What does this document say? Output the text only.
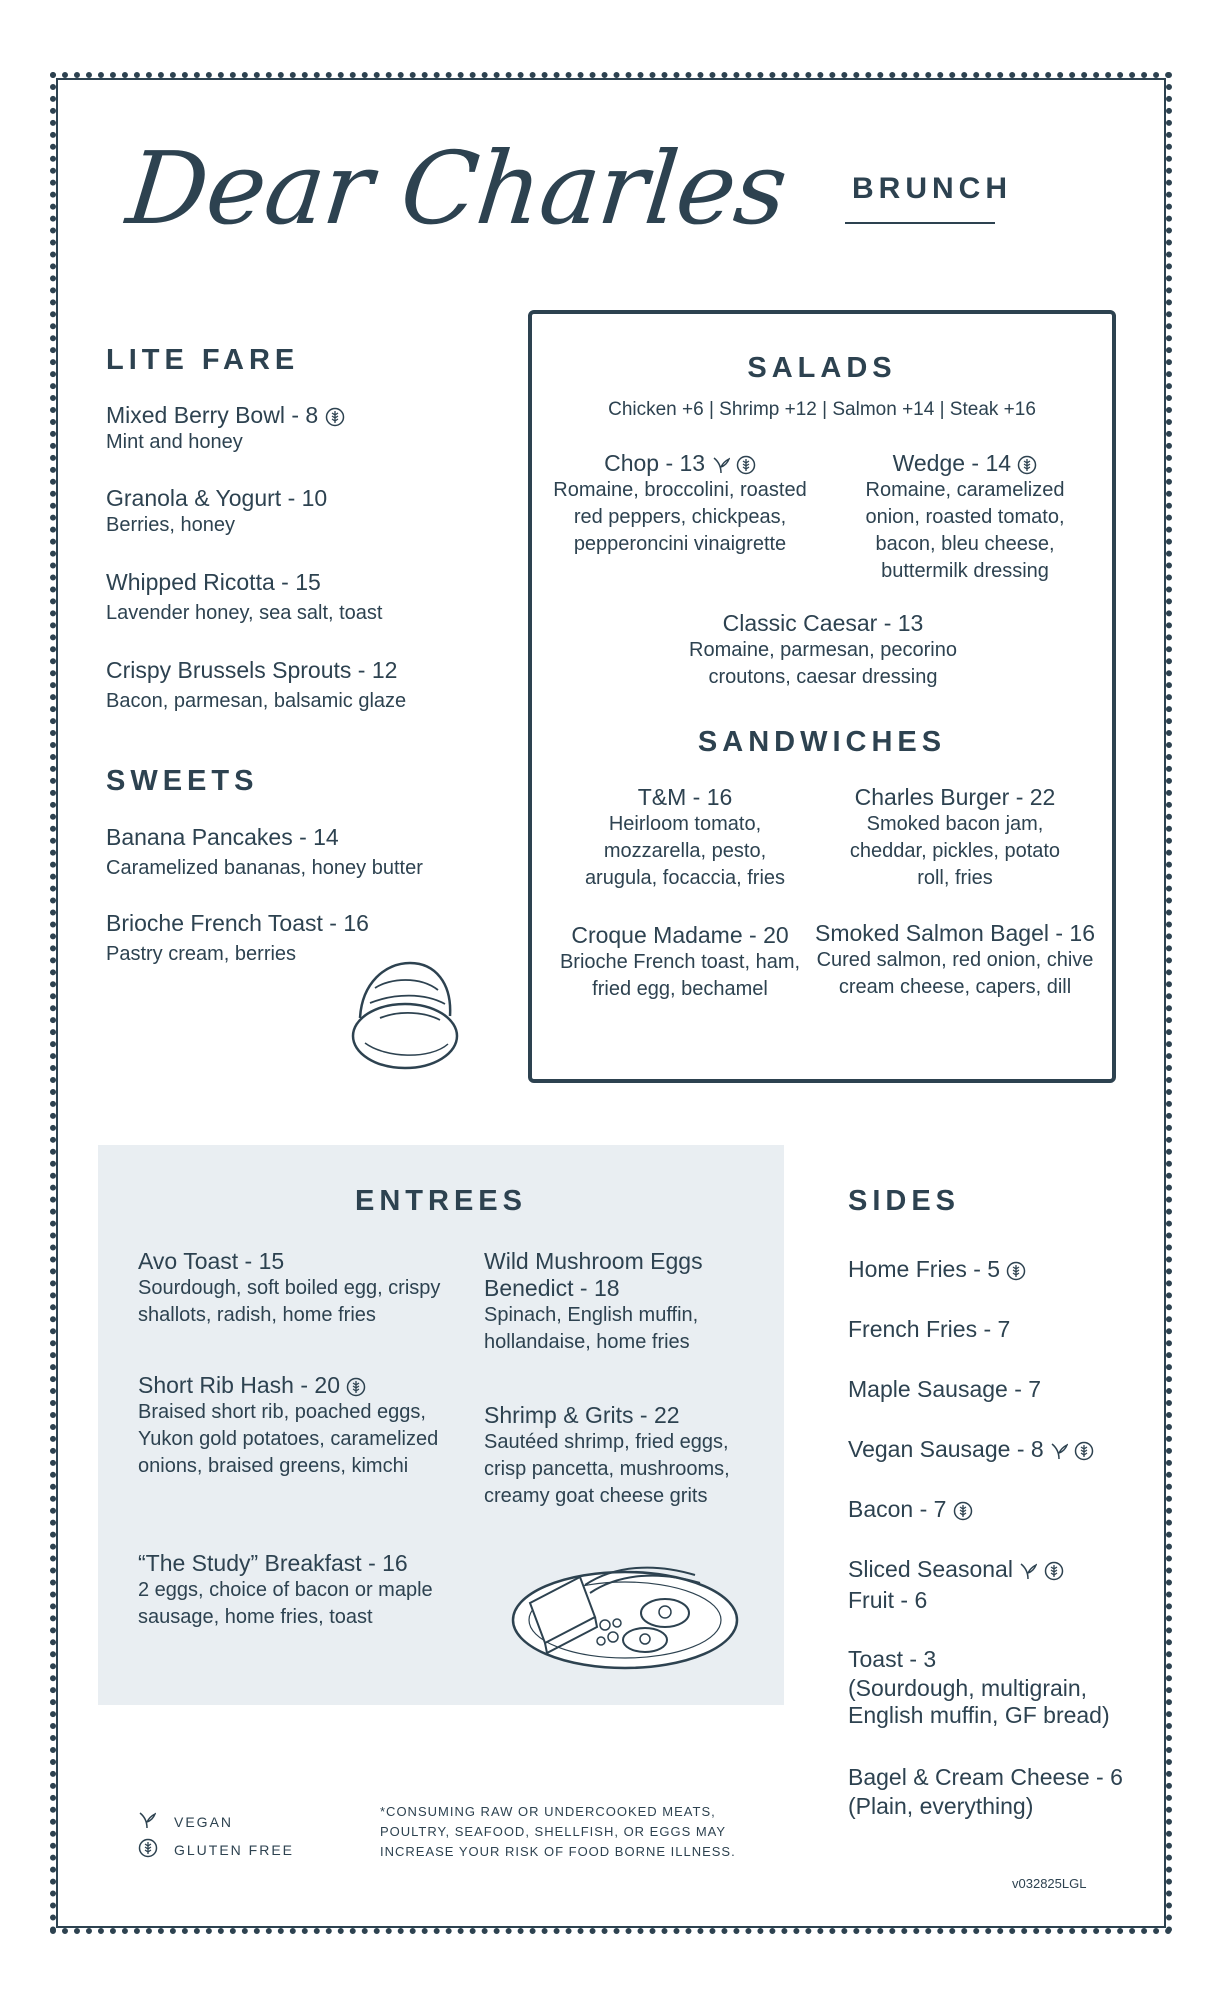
Dear Charles BRUNCH
LITE FARE
Mixed Berry Bowl - 8
Mint and honey
Granola & Yogurt - 10
Berries, honey
Whipped Ricotta - 15
Lavender honey, sea salt, toast
Crispy Brussels Sprouts - 12
Bacon, parmesan, balsamic glaze
SWEETS
Banana Pancakes - 14
Caramelized bananas, honey butter
Brioche French Toast - 16
Pastry cream, berries
SALADS
Chicken +6 | Shrimp +12 | Salmon +14 | Steak +16
Chop - 13
Romaine, broccolini, roasted red peppers, chickpeas, pepperoncini vinaigrette
Wedge - 14
Romaine, caramelized onion, roasted tomato, bacon, bleu cheese, buttermilk dressing
Classic Caesar - 13
Romaine, parmesan, pecorino croutons, caesar dressing
SANDWICHES
T&M - 16
Heirloom tomato, mozzarella, pesto, arugula, focaccia, fries
Charles Burger - 22
Smoked bacon jam, cheddar, pickles, potato roll, fries
Croque Madame - 20
Brioche French toast, ham, fried egg, bechamel
Smoked Salmon Bagel - 16
Cured salmon, red onion, chive cream cheese, capers, dill
ENTREES
Avo Toast - 15
Sourdough, soft boiled egg, crispy shallots, radish, home fries
Wild Mushroom Eggs Benedict - 18
Spinach, English muffin, hollandaise, home fries
Short Rib Hash - 20
Braised short rib, poached eggs, Yukon gold potatoes, caramelized onions, braised greens, kimchi
Shrimp & Grits - 22
Sautéed shrimp, fried eggs, crisp pancetta, mushrooms, creamy goat cheese grits
“The Study” Breakfast - 16
2 eggs, choice of bacon or maple sausage, home fries, toast
SIDES
Home Fries - 5
French Fries - 7
Maple Sausage - 7
Vegan Sausage - 8
Bacon - 7
Sliced Seasonal
Fruit - 6
Toast - 3
(Sourdough, multigrain, English muffin, GF bread)
Bagel & Cream Cheese - 6
(Plain, everything)
VEGAN
GLUTEN FREE
*CONSUMING RAW OR UNDERCOOKED MEATS, POULTRY, SEAFOOD, SHELLFISH, OR EGGS MAY INCREASE YOUR RISK OF FOOD BORNE ILLNESS.
v032825LGL
